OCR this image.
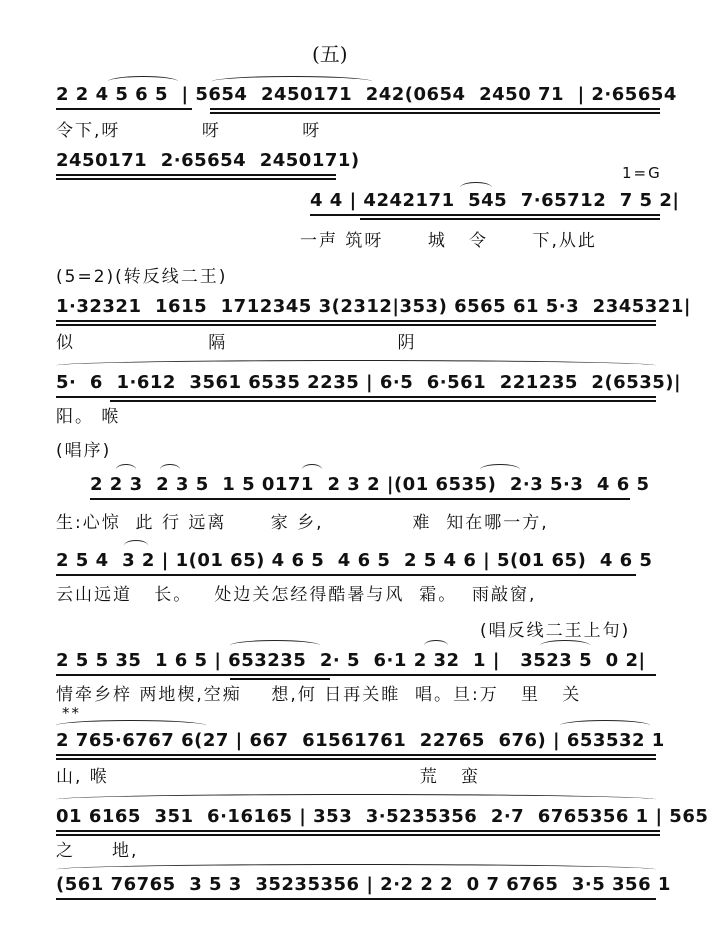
(五)
2 2 4 5 6 5  | 5654  2450171  242(0654  2450 71  | 2·65654
令下,呀           呀           呀
2450171  2·65654  2450171)
1=G
4 4 | 4242171  545  7·65712  7 5 2|
一声 筑呀      城   令      下,从此
(5=2)(转反线二王)
1·32321  1615  1712345 3(2312|353) 6565 61 5·3  2345321|
似                  隔                       阴
5·  6  1·612  3561 6535 2235 | 6·5  6·561  221235  2(6535)|
阳。 喉
(唱序)
2 2 3  2 3 5  1 5 0171  2 3 2 |(01 6535)  2·3 5·3  4 6 5
生:心惊  此 行 远离      家 乡,            难  知在哪一方,
2 5 4  3 2 | 1(01 65) 4 6 5  4 6 5  2 5 4 6 | 5(01 65)  4 6 5
云山远道   长。   处边关怎经得酷暑与风  霜。  雨敲窗,
(唱反线二王上句)
2 5 5 35  1 6 5 | 653235  2· 5  6·1 2 32  1 |   3523 5  0 2|
情牵乡梓 两地楔,空痴    想,何 日再关睢  唱。旦:万   里   关
**
2 765·6767 6(27 | 667  61561761  22765  676) | 653532 1
山, 喉                                          荒   蛮
01 6165  351  6·16165 | 353  3·5235356  2·7  6765356 1 | 565
之     地,
(561 76765  3 5 3  35235356 | 2·2 2 2  0 7 6765  3·5 356 1
